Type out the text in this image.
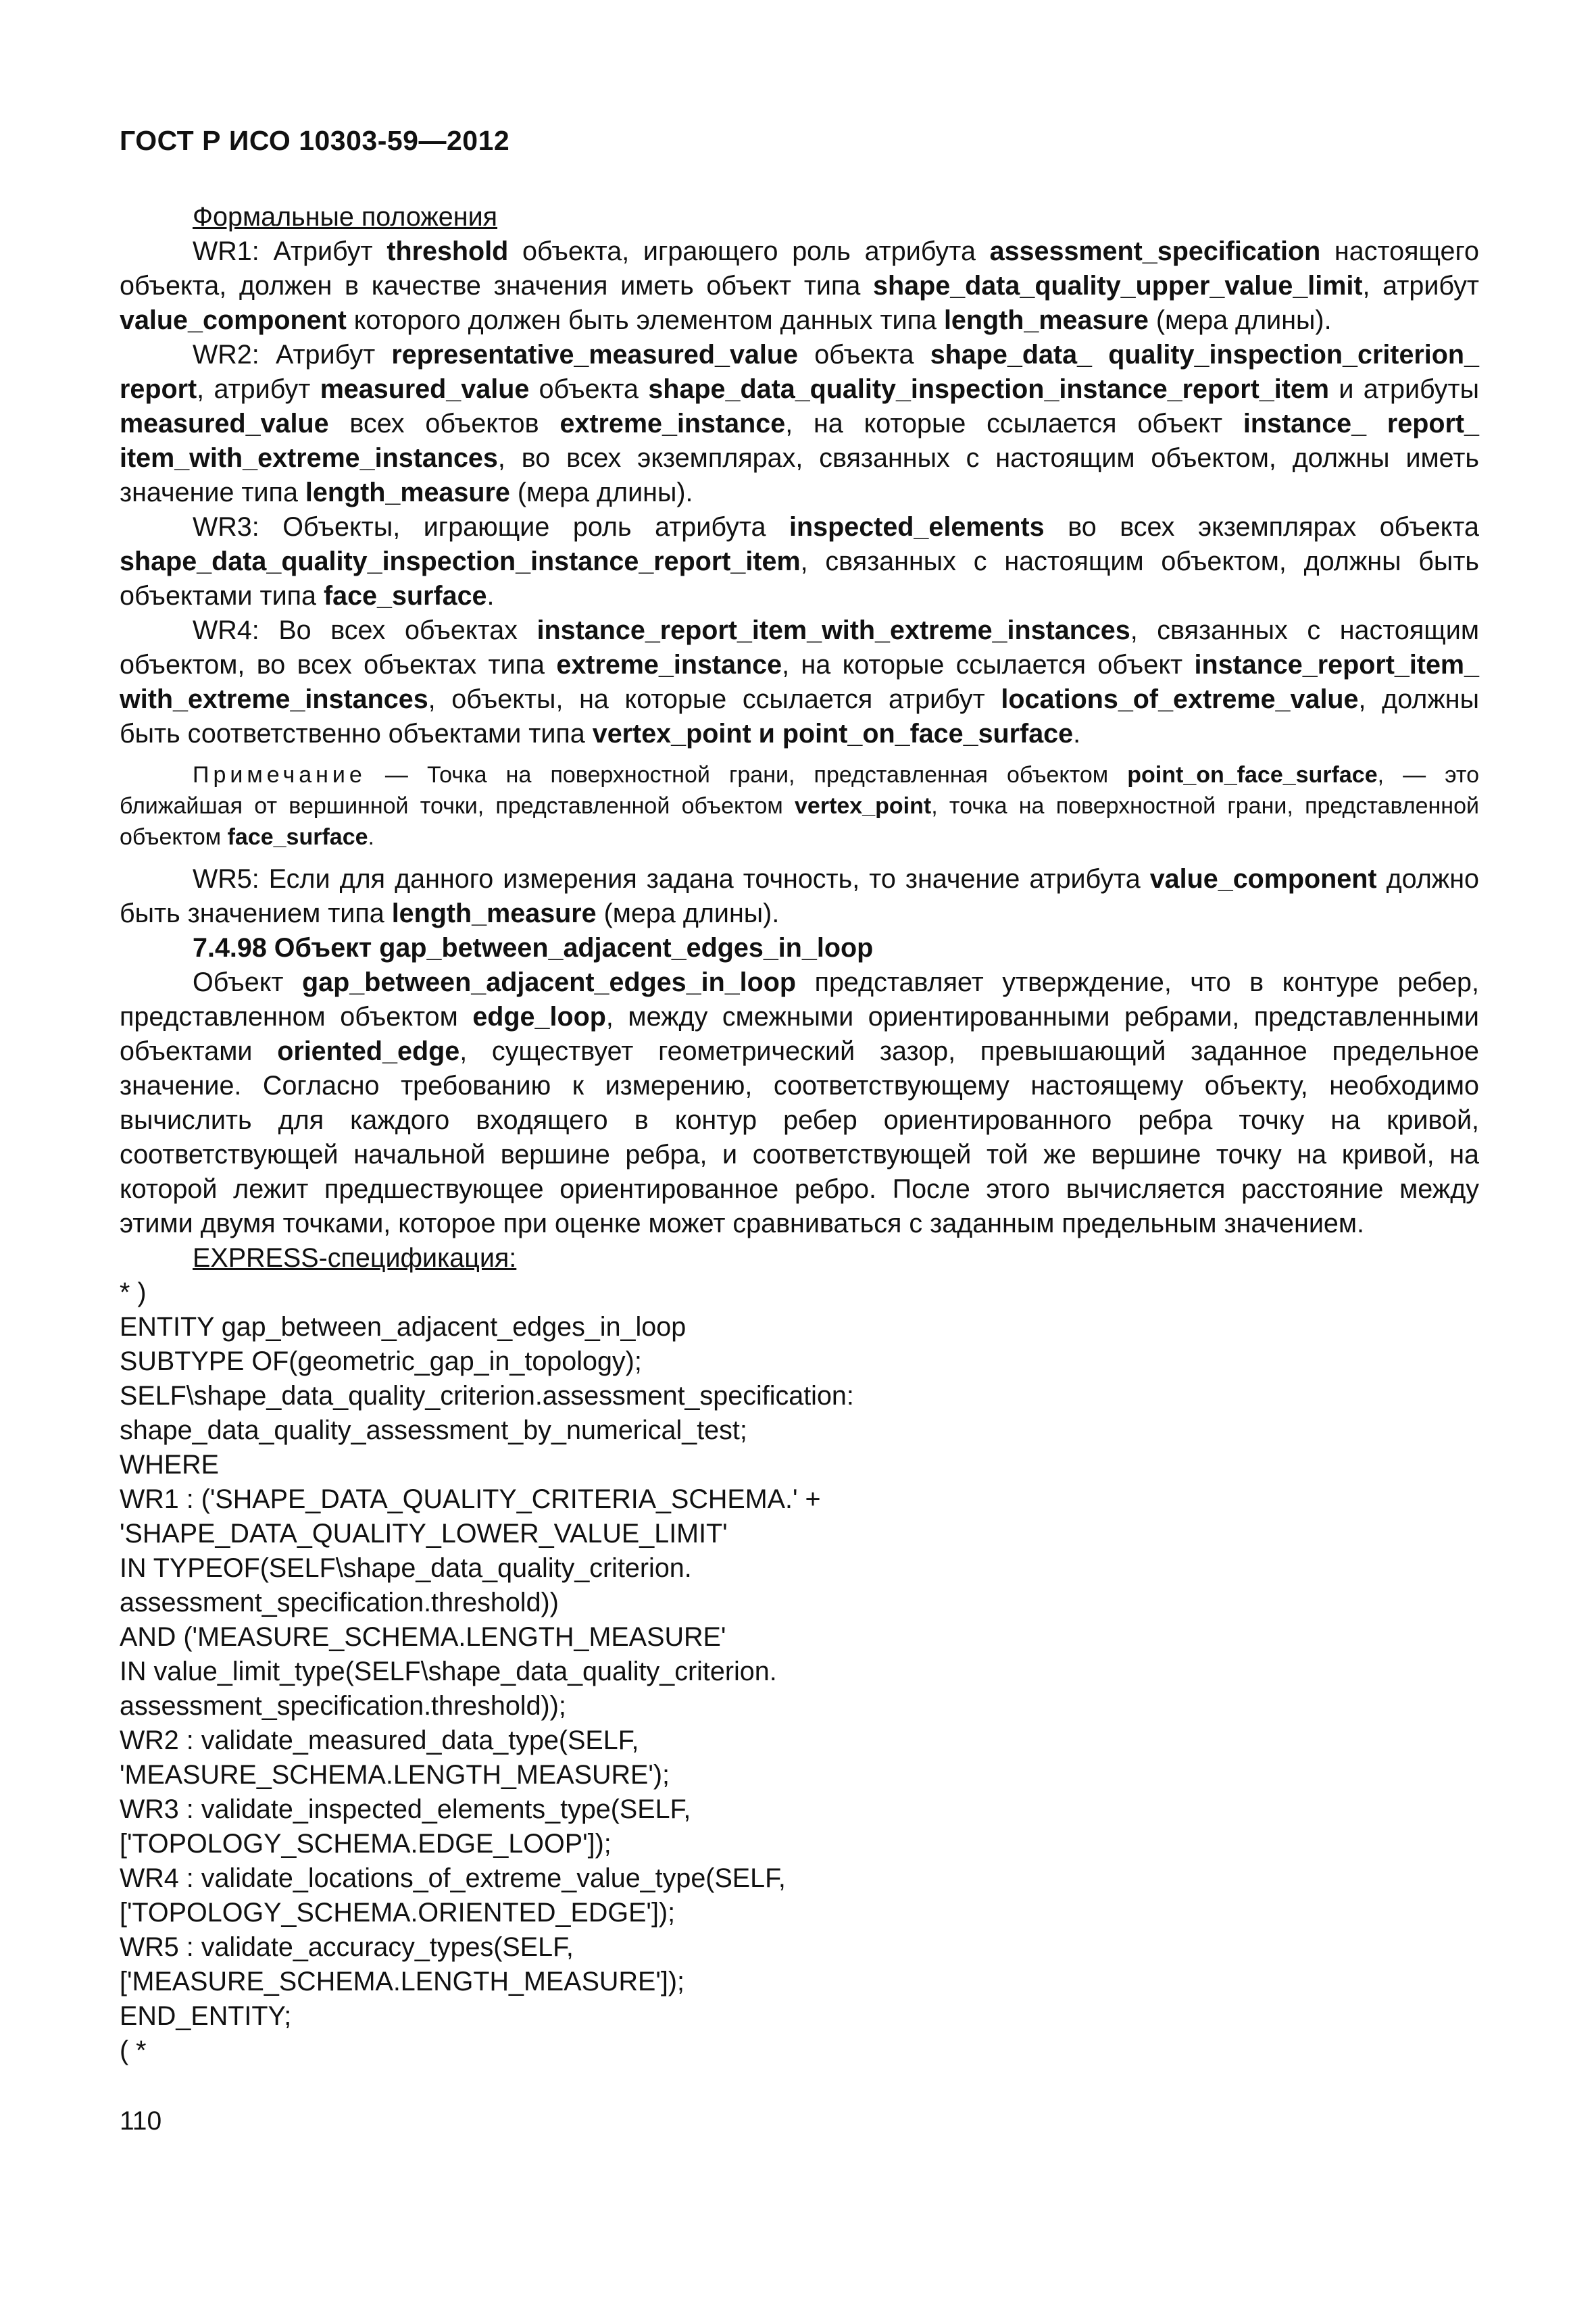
ГОСТ Р ИСО 10303-59—2012

Формальные положения

WR1: Атрибут threshold объекта, играющего роль атрибута assessment_specification настоящего объекта, должен в качестве значения иметь объект типа shape_data_quality_upper_value_limit, атрибут value_component которого должен быть элементом данных типа length_measure (мера длины).

WR2: Атрибут representative_measured_value объекта shape_data_ quality_inspection_criterion_ report, атрибут measured_value объекта shape_data_quality_inspection_instance_report_item и атрибуты measured_value всех объектов extreme_instance, на которые ссылается объект instance_ report_ item_with_extreme_instances, во всех экземплярах, связанных с настоящим объектом, должны иметь значение типа length_measure (мера длины).

WR3: Объекты, играющие роль атрибута inspected_elements во всех экземплярах объекта shape_data_quality_inspection_instance_report_item, связанных с настоящим объектом, должны быть объектами типа face_surface.

WR4: Во всех объектах instance_report_item_with_extreme_instances, связанных с настоящим объектом, во всех объектах типа extreme_instance, на которые ссылается объект instance_report_item_ with_extreme_instances, объекты, на которые ссылается атрибут locations_of_extreme_value, должны быть соответственно объектами типа vertex_point и point_on_face_surface.

Примечание — Точка на поверхностной грани, представленная объектом point_on_face_surface, — это ближайшая от вершинной точки, представленной объектом vertex_point, точка на поверхностной грани, представленной объектом face_surface.

WR5: Если для данного измерения задана точность, то значение атрибута value_component должно быть значением типа length_measure (мера длины).

7.4.98 Объект gap_between_adjacent_edges_in_loop

Объект gap_between_adjacent_edges_in_loop представляет утверждение, что в контуре ребер, представленном объектом edge_loop, между смежными ориентированными ребрами, представленными объектами oriented_edge, существует геометрический зазор, превышающий заданное предельное значение. Согласно требованию к измерению, соответствующему настоящему объекту, необходимо вычислить для каждого входящего в контур ребер ориентированного ребра точку на кривой, соответствующей начальной вершине ребра, и соответствующей той же вершине точку на кривой, на которой лежит предшествующее ориентированное ребро. После этого вычисляется расстояние между этими двумя точками, которое при оценке может сравниваться с заданным предельным значением.

EXPRESS-спецификация:

* )

ENTITY gap_between_adjacent_edges_in_loop

SUBTYPE OF(geometric_gap_in_topology);

SELF\shape_data_quality_criterion.assessment_specification:

shape_data_quality_assessment_by_numerical_test;

WHERE

WR1 : ('SHAPE_DATA_QUALITY_CRITERIA_SCHEMA.' +

'SHAPE_DATA_QUALITY_LOWER_VALUE_LIMIT'

IN TYPEOF(SELF\shape_data_quality_criterion.

assessment_specification.threshold))

AND ('MEASURE_SCHEMA.LENGTH_MEASURE'

IN value_limit_type(SELF\shape_data_quality_criterion.

assessment_specification.threshold));

WR2 : validate_measured_data_type(SELF,

'MEASURE_SCHEMA.LENGTH_MEASURE');

WR3 : validate_inspected_elements_type(SELF,

['TOPOLOGY_SCHEMA.EDGE_LOOP']);

WR4 : validate_locations_of_extreme_value_type(SELF,

['TOPOLOGY_SCHEMA.ORIENTED_EDGE']);

WR5 : validate_accuracy_types(SELF,

['MEASURE_SCHEMA.LENGTH_MEASURE']);

END_ENTITY;

( *

110
